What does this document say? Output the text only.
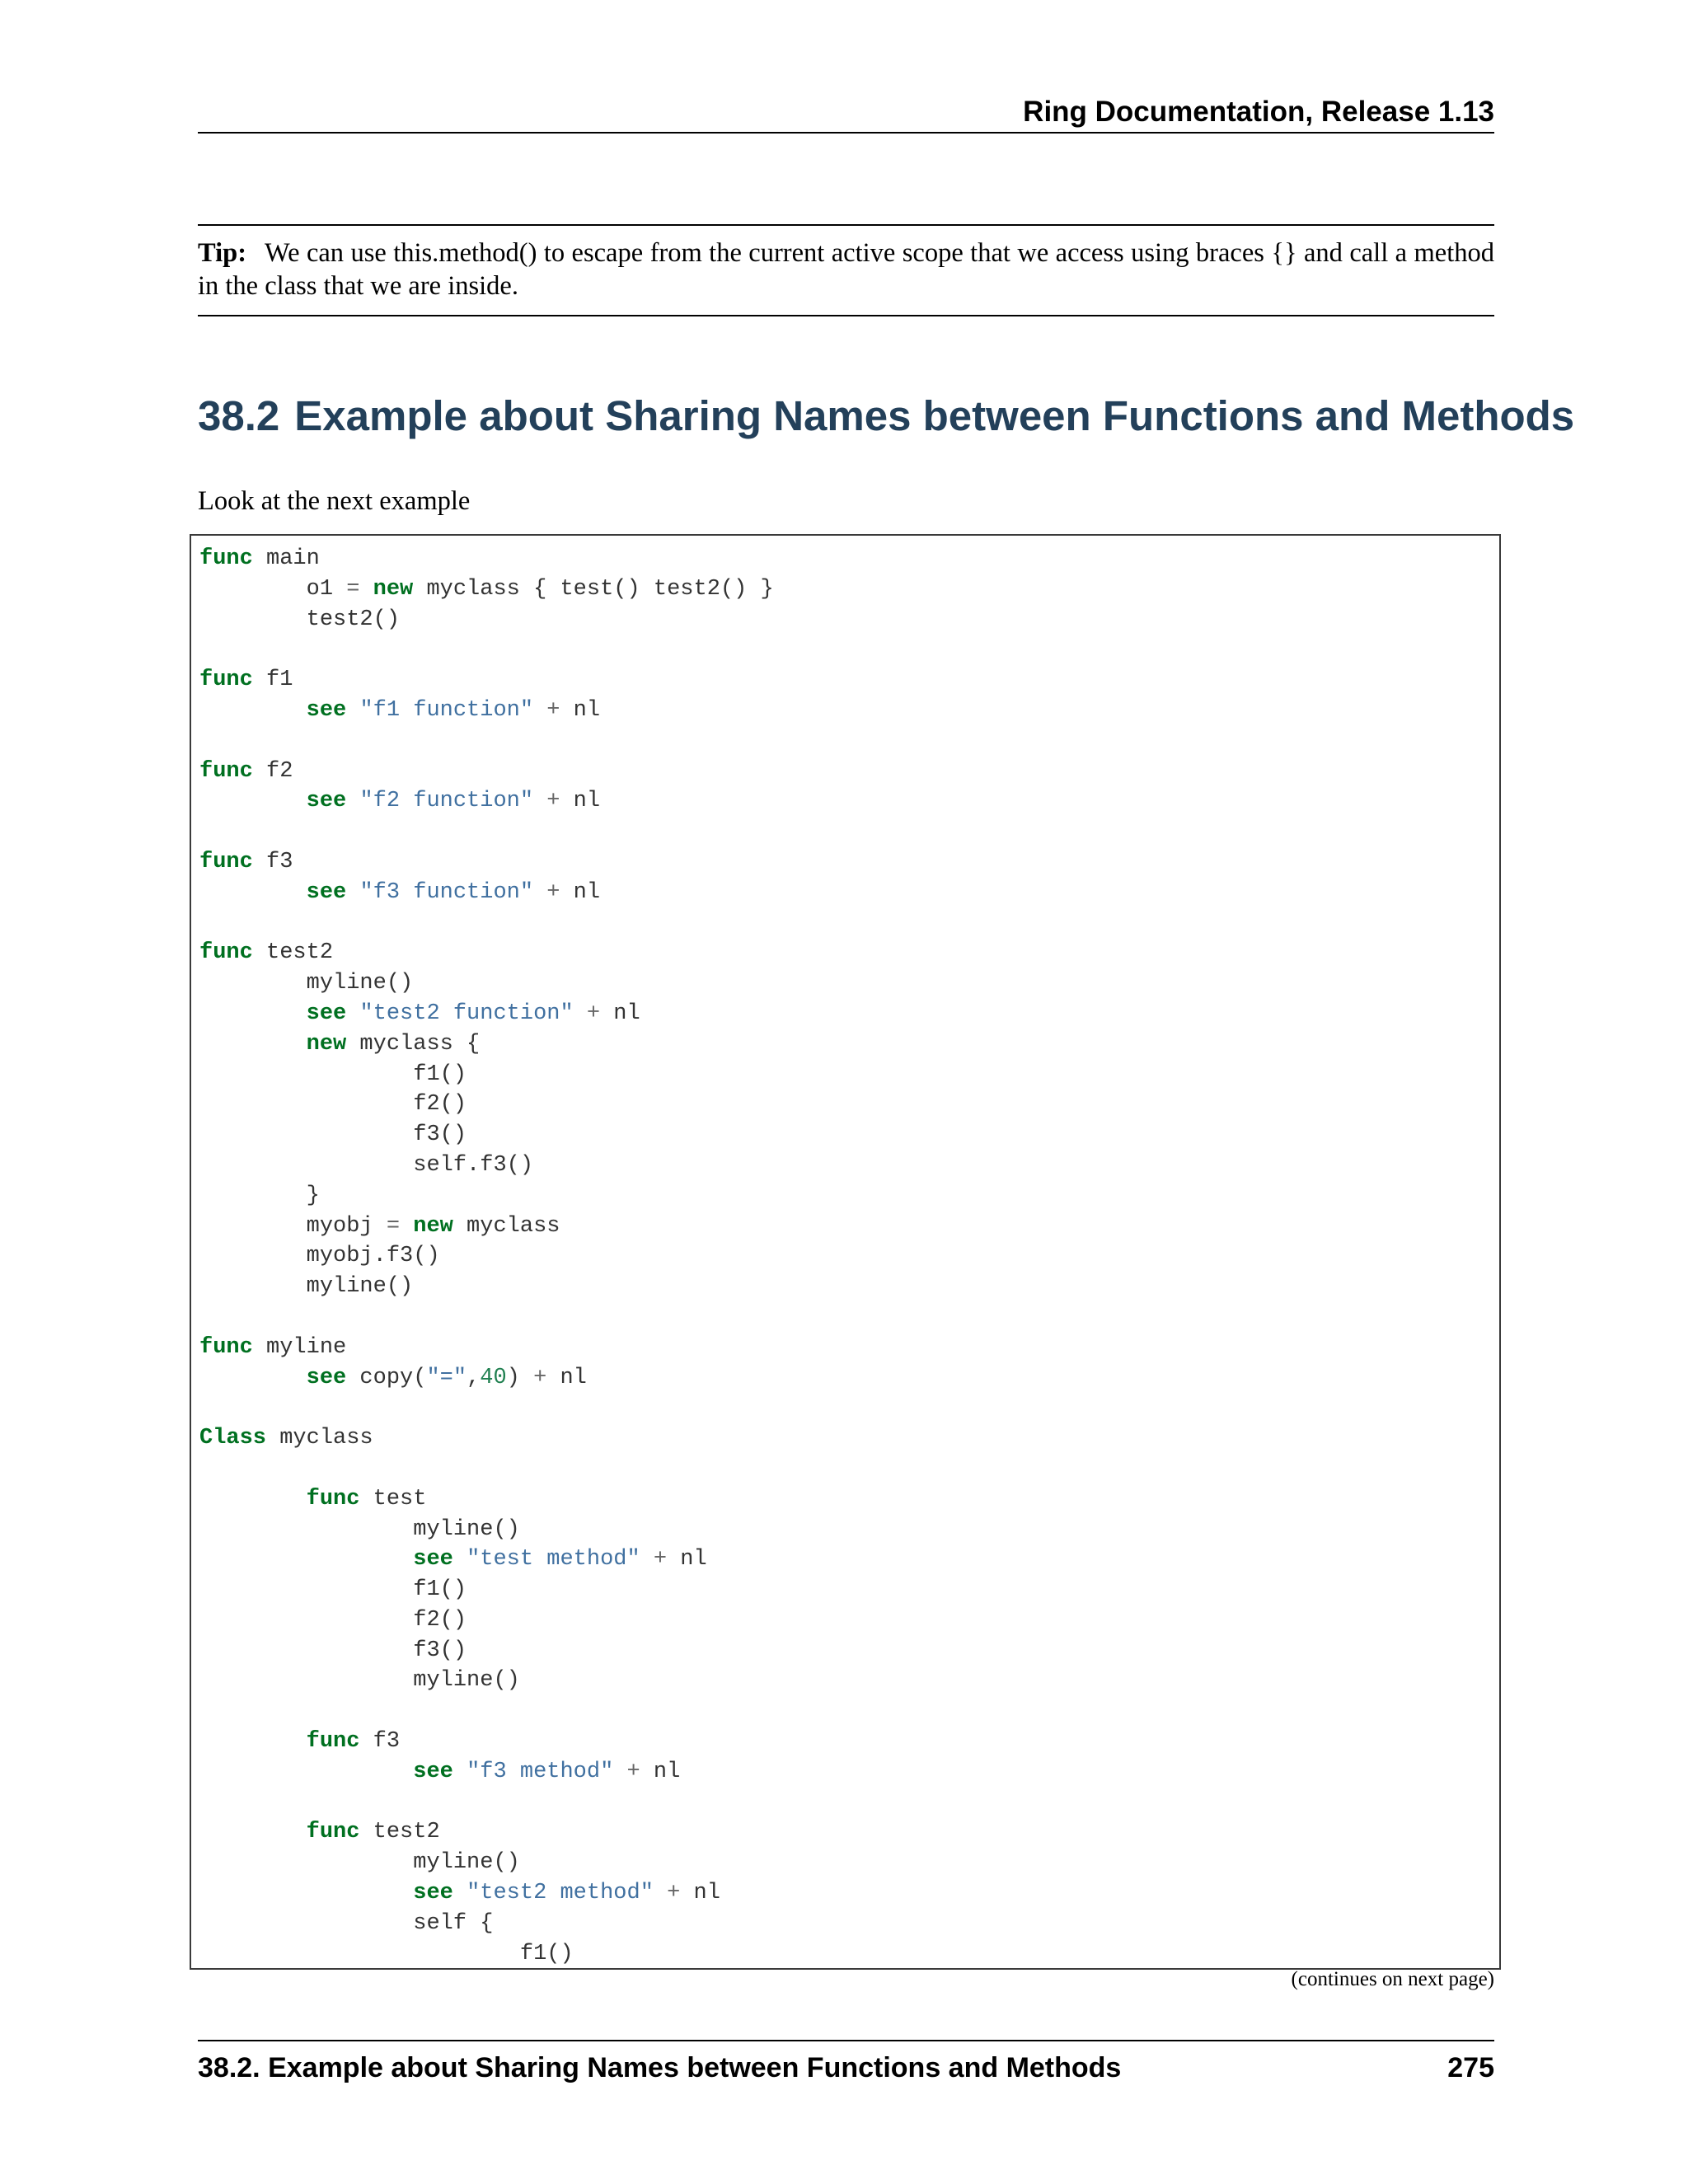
Ring Documentation, Release 1.13
Tip: We can use this.method() to escape from the current active scope that we access using braces {} and call a method in the class that we are inside.
38.2 Example about Sharing Names between Functions and Methods
Look at the next example
func main
o1 = new myclass { test() test2() }
test2()

func f1
see "f1 function" + nl

func f2
see "f2 function" + nl

func f3
see "f3 function" + nl

func test2
myline()
see "test2 function" + nl
new myclass {
f1()
f2()
f3()
self.f3()
}
myobj = new myclass
myobj.f3()
myline()

func myline
see copy("=",40) + nl

Class myclass

func test
myline()
see "test method" + nl
f1()
f2()
f3()
myline()

func f3
see "f3 method" + nl

func test2
myline()
see "test2 method" + nl
self {
f1()
(continues on next page)
38.2. Example about Sharing Names between Functions and Methods	275
